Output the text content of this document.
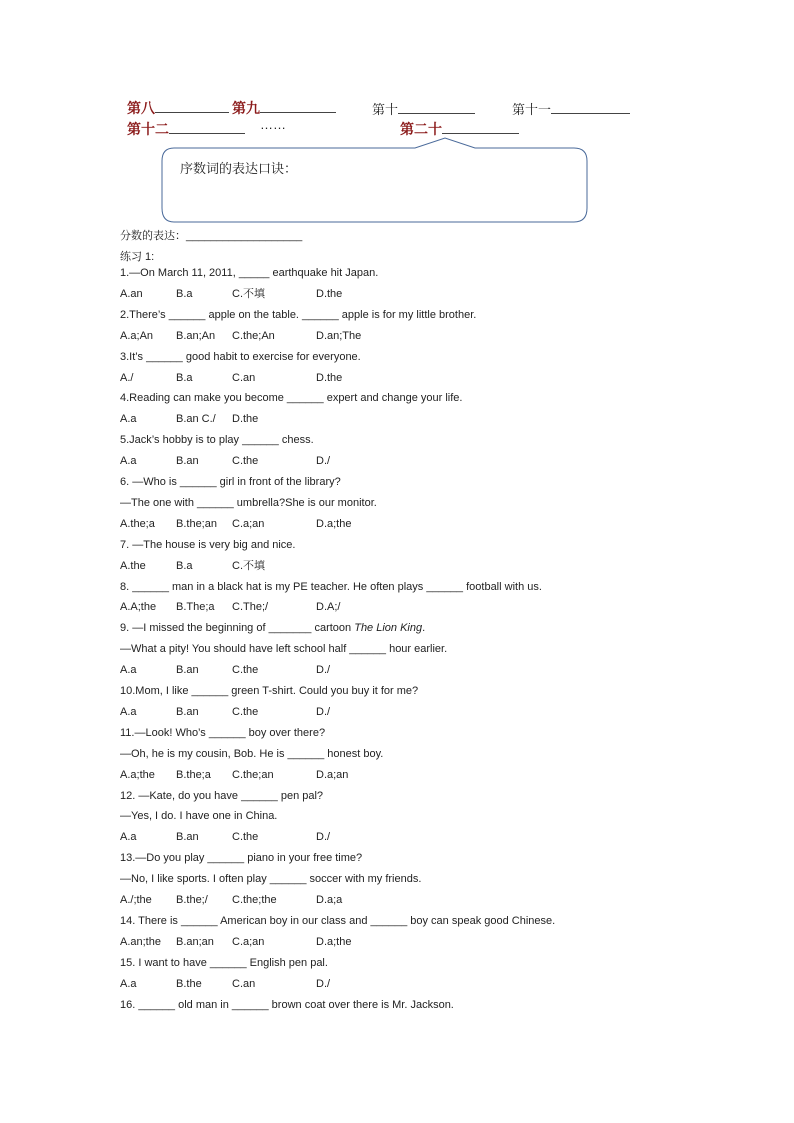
第八	第九	第十	第十一
第十二	……	第二十
序数词的表达口诀：
分数的表达：___________________
练习 1:
1.—On March 11, 2011, _____ earthquake hit Japan.
A.an	B.a	C.不填	D.the
2.There’s ______ apple on the table. ______ apple is for my little brother.
A.a;An B.an;An C.the;An	D.an;The
3.It’s ______ good habit to exercise for everyone.
A./	B.a	C.an	D.the
4.Reading can make you become ______ expert and change your life.
A.a	B.an C./ D.the
5.Jack’s hobby is to play ______ chess.
A.a	B.an	C.the	D./
6. —Who is ______ girl in front of the library?
—The one with ______ umbrella?She is our monitor.
A.the;a B.the;an C.a;an	D.a;the
7. —The house is very big and nice.
A.the	B.a	C.不填
8. ______ man in a black hat is my PE teacher. He often plays ______ football with us.
A.A;the B.The;a C.The;/	D.A;/
9. —I missed the beginning of _______ cartoon The Lion King.
—What a pity! You should have left school half ______ hour earlier.
A.a	B.an	C.the	D./
10.Mom, I like ______ green T-shirt. Could you buy it for me?
A.a	B.an	C.the	D./
11.—Look! Who’s ______ boy over there?
—Oh, he is my cousin, Bob. He is ______ honest boy.
A.a;the B.the;a C.the;an	D.a;an
12. —Kate, do you have ______ pen pal?
—Yes, I do. I have one in China.
A.a	B.an	C.the	D./
13.—Do you play ______ piano in your free time?
—No, I like sports. I often play ______ soccer with my friends.
A./;the B.the;/ C.the;the	D.a;a
14. There is ______ American boy in our class and ______ boy can speak good Chinese.
A.an;the B.an;an C.a;an	D.a;the
15. I want to have ______ English pen pal.
A.a	B.the	C.an	D./
16. ______ old man in ______ brown coat over there is Mr. Jackson.
